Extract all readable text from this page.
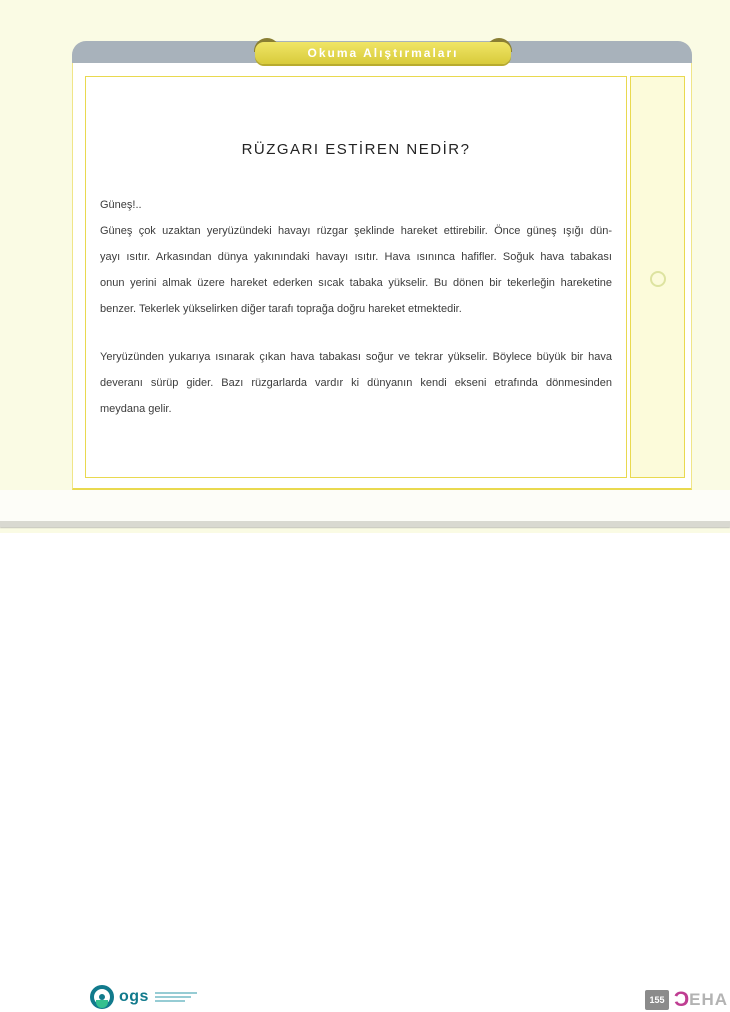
Okuma Alıştırmaları
RÜZGARI ESTİREN NEDİR?
Güneş!..
Güneş çok uzaktan yeryüzündeki havayı rüzgar şeklinde hareket ettirebilir. Önce güneş ışığı dün-
yayı ısıtır. Arkasından dünya yakınındaki havayı ısıtır. Hava ısınınca hafifler. Soğuk hava tabakası
onun yerini almak üzere hareket ederken sıcak tabaka yükselir. Bu dönen bir tekerleğin hareketine
benzer. Tekerlek yükselirken diğer tarafı toprağa doğru hareket etmektedir.
Yeryüzünden yukarıya ısınarak çıkan hava tabakası soğur ve tekrar yükselir. Böylece büyük bir hava
deveranı sürüp gider. Bazı rüzgarlarda vardır ki dünyanın kendi ekseni etrafında dönmesinden
meydana gelir.
ogs	155 Ɔ EHA
